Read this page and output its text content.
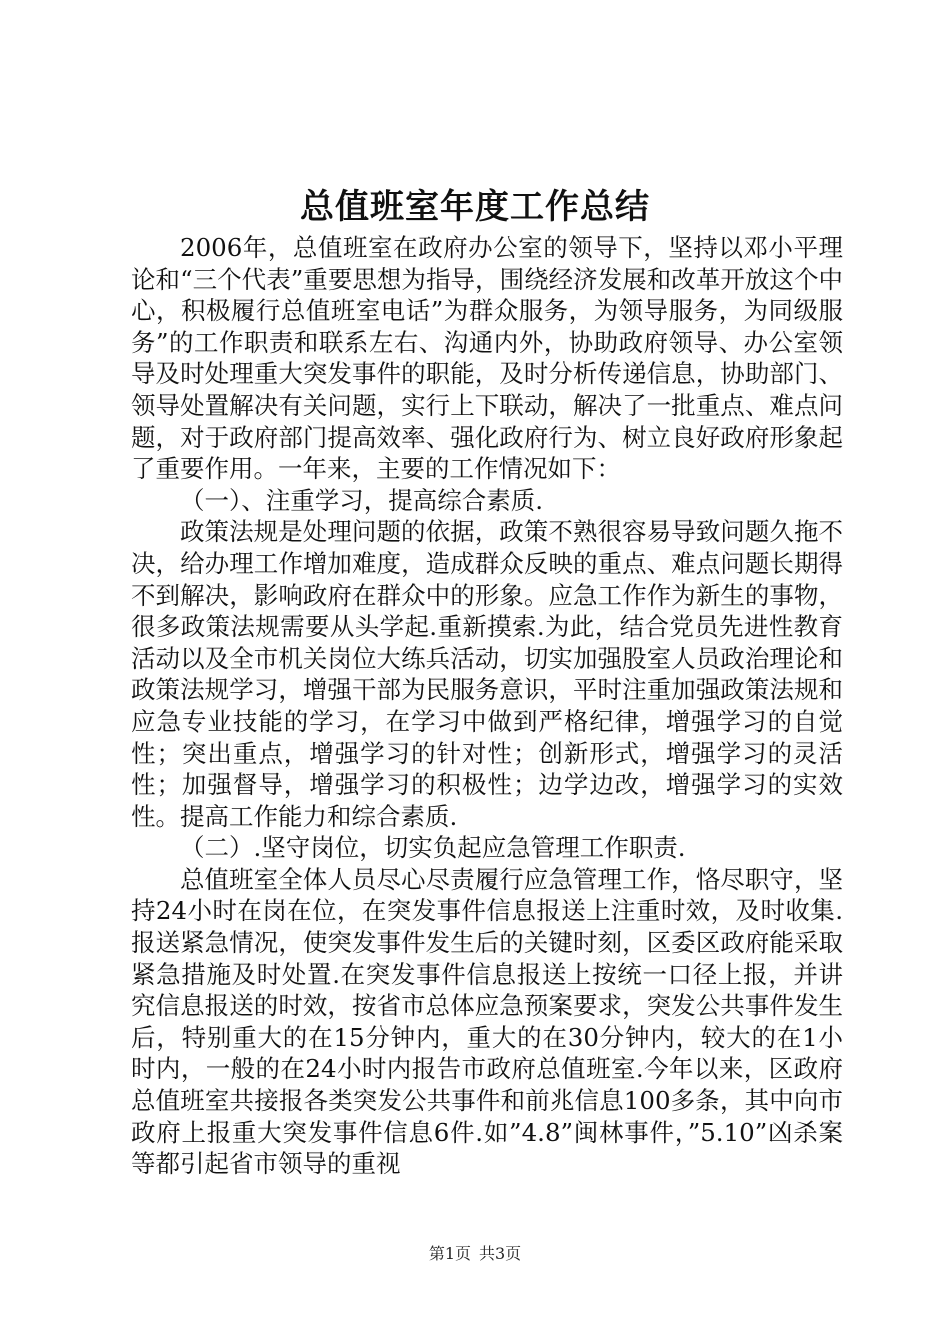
总值班室年度工作总结

2006年，总值班室在政府办公室的领导下，坚持以邓小平理论和“三个代表”重要思想为指导，围绕经济发展和改革开放这个中心，积极履行总值班室电话”为群众服务，为领导服务，为同级服务”的工作职责和联系左右、沟通内外，协助政府领导、办公室领导及时处理重大突发事件的职能，及时分析传递信息，协助部门、领导处置解决有关问题，实行上下联动，解决了一批重点、难点问题，对于政府部门提高效率、强化政府行为、树立良好政府形象起了重要作用。一年来，主要的工作情况如下：

（一）、注重学习，提高综合素质.

政策法规是处理问题的依据，政策不熟很容易导致问题久拖不决，给办理工作增加难度，造成群众反映的重点、难点问题长期得不到解决，影响政府在群众中的形象。应急工作作为新生的事物，很多政策法规需要从头学起.重新摸索.为此，结合党员先进性教育活动以及全市机关岗位大练兵活动，切实加强股室人员政治理论和政策法规学习，增强干部为民服务意识，平时注重加强政策法规和应急专业技能的学习，在学习中做到严格纪律，增强学习的自觉性；突出重点，增强学习的针对性；创新形式，增强学习的灵活性；加强督导，增强学习的积极性；边学边改，增强学习的实效性。提高工作能力和综合素质.

（二）.坚守岗位，切实负起应急管理工作职责.

总值班室全体人员尽心尽责履行应急管理工作，恪尽职守，坚持24小时在岗在位，在突发事件信息报送上注重时效，及时收集.报送紧急情况，使突发事件发生后的关键时刻，区委区政府能采取紧急措施及时处置.在突发事件信息报送上按统一口径上报，并讲究信息报送的时效，按省市总体应急预案要求，突发公共事件发生后，特别重大的在15分钟内，重大的在30分钟内，较大的在1小时内，一般的在24小时内报告市政府总值班室.今年以来，区政府总值班室共接报各类突发公共事件和前兆信息100多条，其中向市政府上报重大突发事件信息6件.如”4.8”闽林事件，”5.10”凶杀案等都引起省市领导的重视

第1页 共3页
